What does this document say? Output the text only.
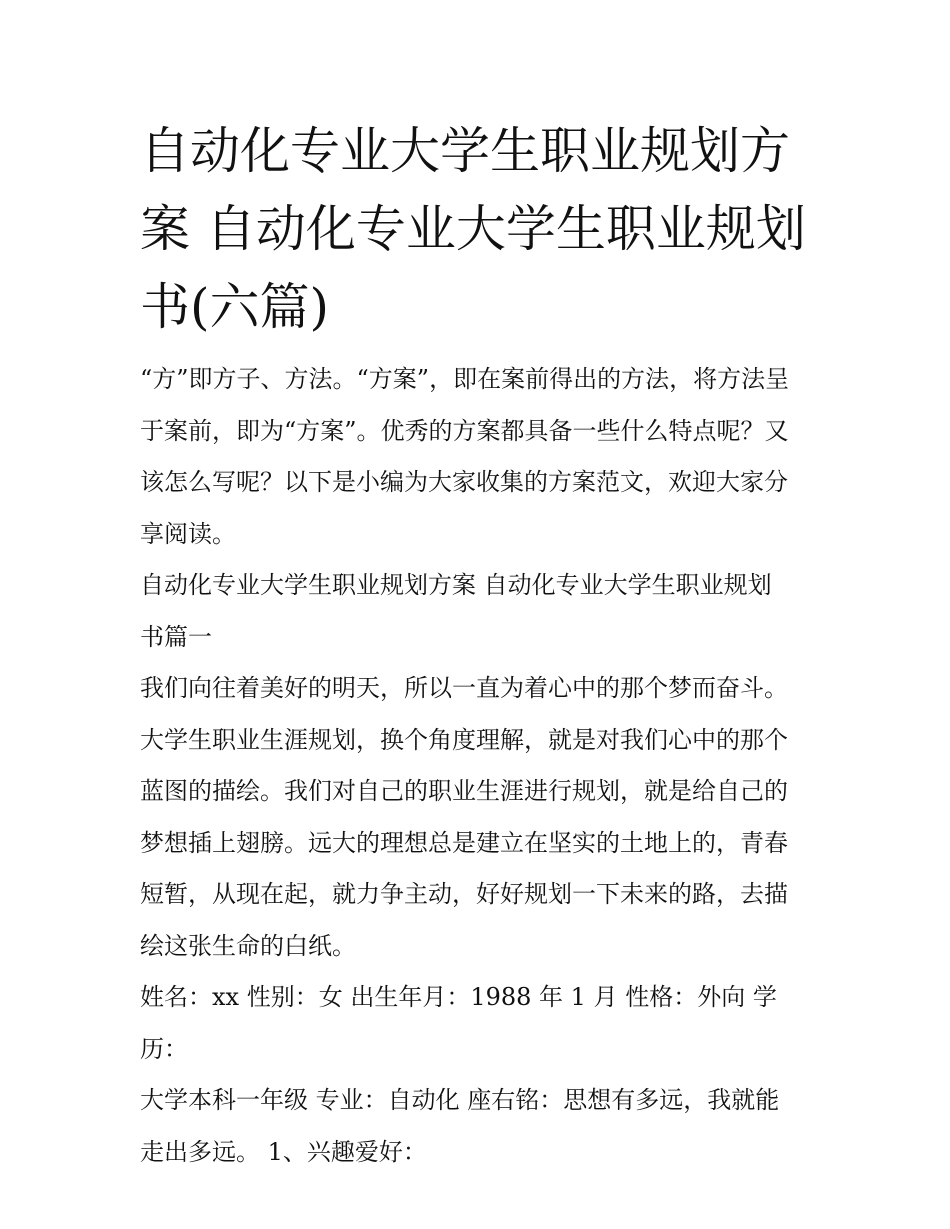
自动化专业大学生职业规划方
案 自动化专业大学生职业规划
书(六篇)

“方”即方子、方法。“方案”，即在案前得出的方法，将方法呈
于案前，即为“方案”。优秀的方案都具备一些什么特点呢？又
该怎么写呢？以下是小编为大家收集的方案范文，欢迎大家分
享阅读。

自动化专业大学生职业规划方案 自动化专业大学生职业规划
书篇一

我们向往着美好的明天，所以一直为着心中的那个梦而奋斗。
大学生职业生涯规划，换个角度理解，就是对我们心中的那个
蓝图的描绘。我们对自己的职业生涯进行规划，就是给自己的
梦想插上翅膀。远大的理想总是建立在坚实的土地上的，青春
短暂，从现在起，就力争主动，好好规划一下未来的路，去描
绘这张生命的白纸。

姓名：xx 性别：女 出生年月：1988 年 1 月 性格：外向 学历：
大学本科一年级 专业：自动化 座右铭：思想有多远，我就能
走出多远。 1、兴趣爱好：
